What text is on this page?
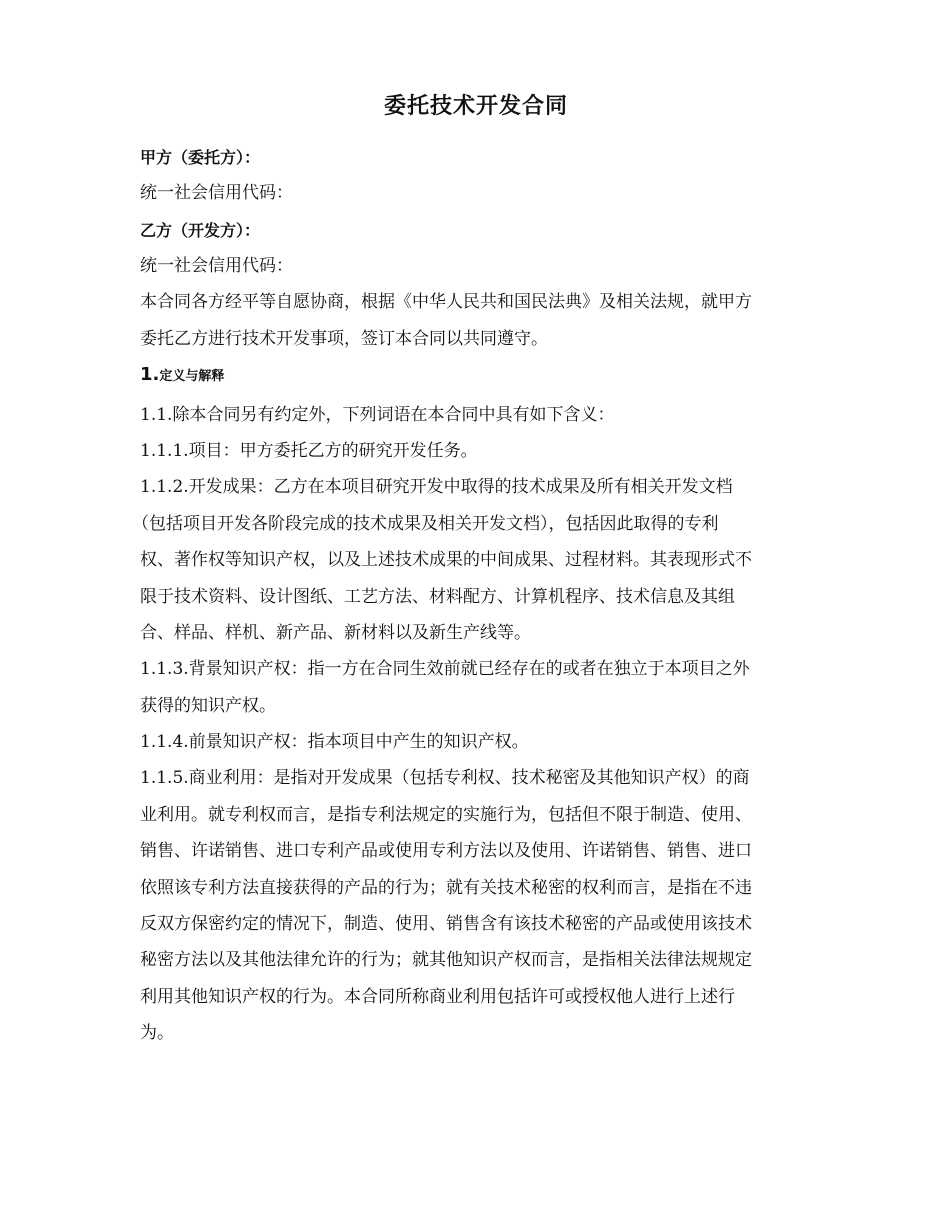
委托技术开发合同

甲方（委托方）：

统一社会信用代码：

乙方（开发方）：

统一社会信用代码：

本合同各方经平等自愿协商，根据《中华人民共和国民法典》及相关法规，就甲方

委托乙方进行技术开发事项，签订本合同以共同遵守。

1.定义与解释

1.1.除本合同另有约定外，下列词语在本合同中具有如下含义：

1.1.1.项目：甲方委托乙方的研究开发任务。

1.1.2.开发成果：乙方在本项目研究开发中取得的技术成果及所有相关开发文档

（包括项目开发各阶段完成的技术成果及相关开发文档），包括因此取得的专利

权、著作权等知识产权，以及上述技术成果的中间成果、过程材料。其表现形式不

限于技术资料、设计图纸、工艺方法、材料配方、计算机程序、技术信息及其组

合、样品、样机、新产品、新材料以及新生产线等。

1.1.3.背景知识产权：指一方在合同生效前就已经存在的或者在独立于本项目之外

获得的知识产权。

1.1.4.前景知识产权：指本项目中产生的知识产权。

1.1.5.商业利用：是指对开发成果（包括专利权、技术秘密及其他知识产权）的商

业利用。就专利权而言，是指专利法规定的实施行为，包括但不限于制造、使用、

销售、许诺销售、进口专利产品或使用专利方法以及使用、许诺销售、销售、进口

依照该专利方法直接获得的产品的行为；就有关技术秘密的权利而言，是指在不违

反双方保密约定的情况下，制造、使用、销售含有该技术秘密的产品或使用该技术

秘密方法以及其他法律允许的行为；就其他知识产权而言，是指相关法律法规规定

利用其他知识产权的行为。本合同所称商业利用包括许可或授权他人进行上述行

为。
